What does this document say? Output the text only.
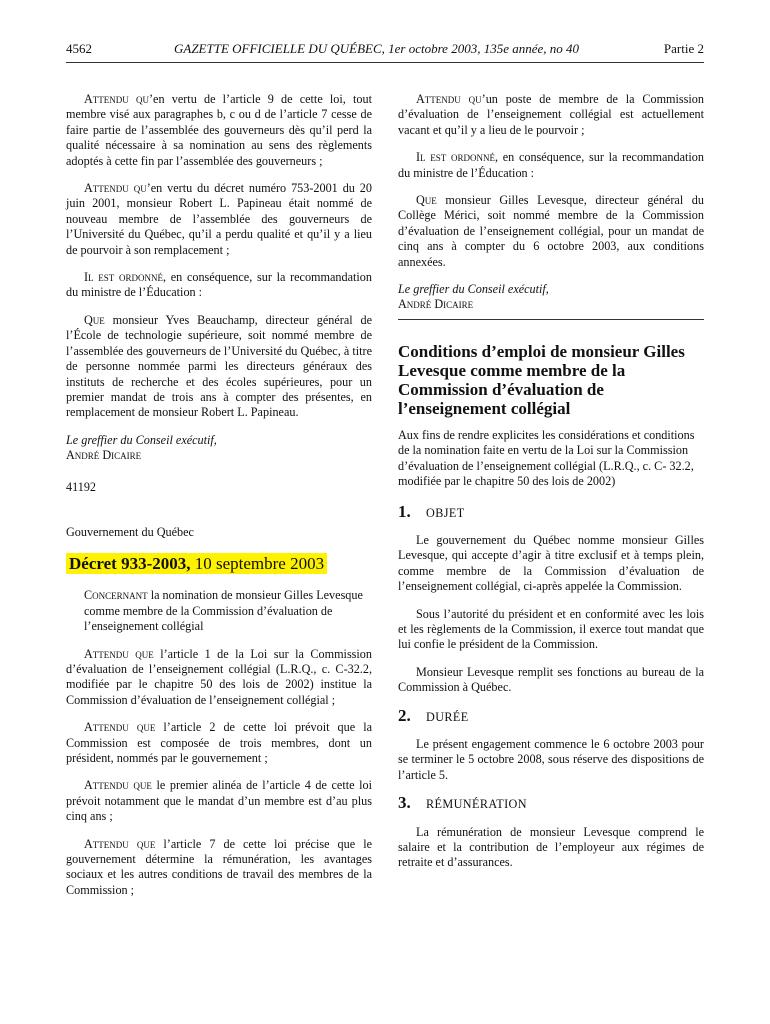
4562	GAZETTE OFFICIELLE DU QUÉBEC, 1er octobre 2003, 135e année, no 40	Partie 2

Attendu qu’en vertu de l’article 9 de cette loi, tout membre visé aux paragraphes b, c ou d de l’article 7 cesse de faire partie de l’assemblée des gouverneurs dès qu’il perd la qualité nécessaire à sa nomination au sens des règlements adoptés à cette fin par l’assemblée des gouverneurs ;

Attendu qu’en vertu du décret numéro 753-2001 du 20 juin 2001, monsieur Robert L. Papineau était nommé de nouveau membre de l’assemblée des gouverneurs de l’Université du Québec, qu’il a perdu qualité et qu’il y a lieu de pourvoir à son remplacement ;

Il est ordonné, en conséquence, sur la recommandation du ministre de l’Éducation :

Que monsieur Yves Beauchamp, directeur général de l’École de technologie supérieure, soit nommé membre de l’assemblée des gouverneurs de l’Université du Québec, à titre de personne nommée parmi les directeurs généraux des instituts de recherche et des écoles supérieures, pour un premier mandat de trois ans à compter des présentes, en remplacement de monsieur Robert L. Papineau.

Le greffier du Conseil exécutif,
André Dicaire

41192

Gouvernement du Québec

Décret 933-2003, 10 septembre 2003

Concernant la nomination de monsieur Gilles Levesque comme membre de la Commission d’évaluation de l’enseignement collégial

Attendu que l’article 1 de la Loi sur la Commission d’évaluation de l’enseignement collégial (L.R.Q., c. C-32.2, modifiée par le chapitre 50 des lois de 2002) institue la Commission d’évaluation de l’enseignement collégial ;

Attendu que l’article 2 de cette loi prévoit que la Commission est composée de trois membres, dont un président, nommés par le gouvernement ;

Attendu que le premier alinéa de l’article 4 de cette loi prévoit notamment que le mandat d’un membre est d’au plus cinq ans ;

Attendu que l’article 7 de cette loi précise que le gouvernement détermine la rémunération, les avantages sociaux et les autres conditions de travail des membres de la Commission ;

Attendu qu’un poste de membre de la Commission d’évaluation de l’enseignement collégial est actuellement vacant et qu’il y a lieu de le pourvoir ;

Il est ordonné, en conséquence, sur la recommandation du ministre de l’Éducation :

Que monsieur Gilles Levesque, directeur général du Collège Mérici, soit nommé membre de la Commission d’évaluation de l’enseignement collégial, pour un mandat de cinq ans à compter du 6 octobre 2003, aux conditions annexées.

Le greffier du Conseil exécutif,
André Dicaire
Conditions d’emploi de monsieur Gilles Levesque comme membre de la Commission d’évaluation de l’enseignement collégial

Aux fins de rendre explicites les considérations et conditions de la nomination faite en vertu de la Loi sur la Commission d’évaluation de l’enseignement collégial (L.R.Q., c. C- 32.2, modifiée par le chapitre 50 des lois de 2002)

1.	OBJET

Le gouvernement du Québec nomme monsieur Gilles Levesque, qui accepte d’agir à titre exclusif et à temps plein, comme membre de la Commission d’évaluation de l’enseignement collégial, ci-après appelée la Commission.

Sous l’autorité du président et en conformité avec les lois et les règlements de la Commission, il exerce tout mandat que lui confie le président de la Commission.

Monsieur Levesque remplit ses fonctions au bureau de la Commission à Québec.

2.	DURÉE

Le présent engagement commence le 6 octobre 2003 pour se terminer le 5 octobre 2008, sous réserve des dispositions de l’article 5.

3.	RÉMUNÉRATION

La rémunération de monsieur Levesque comprend le salaire et la contribution de l’employeur aux régimes de retraite et d’assurances.
